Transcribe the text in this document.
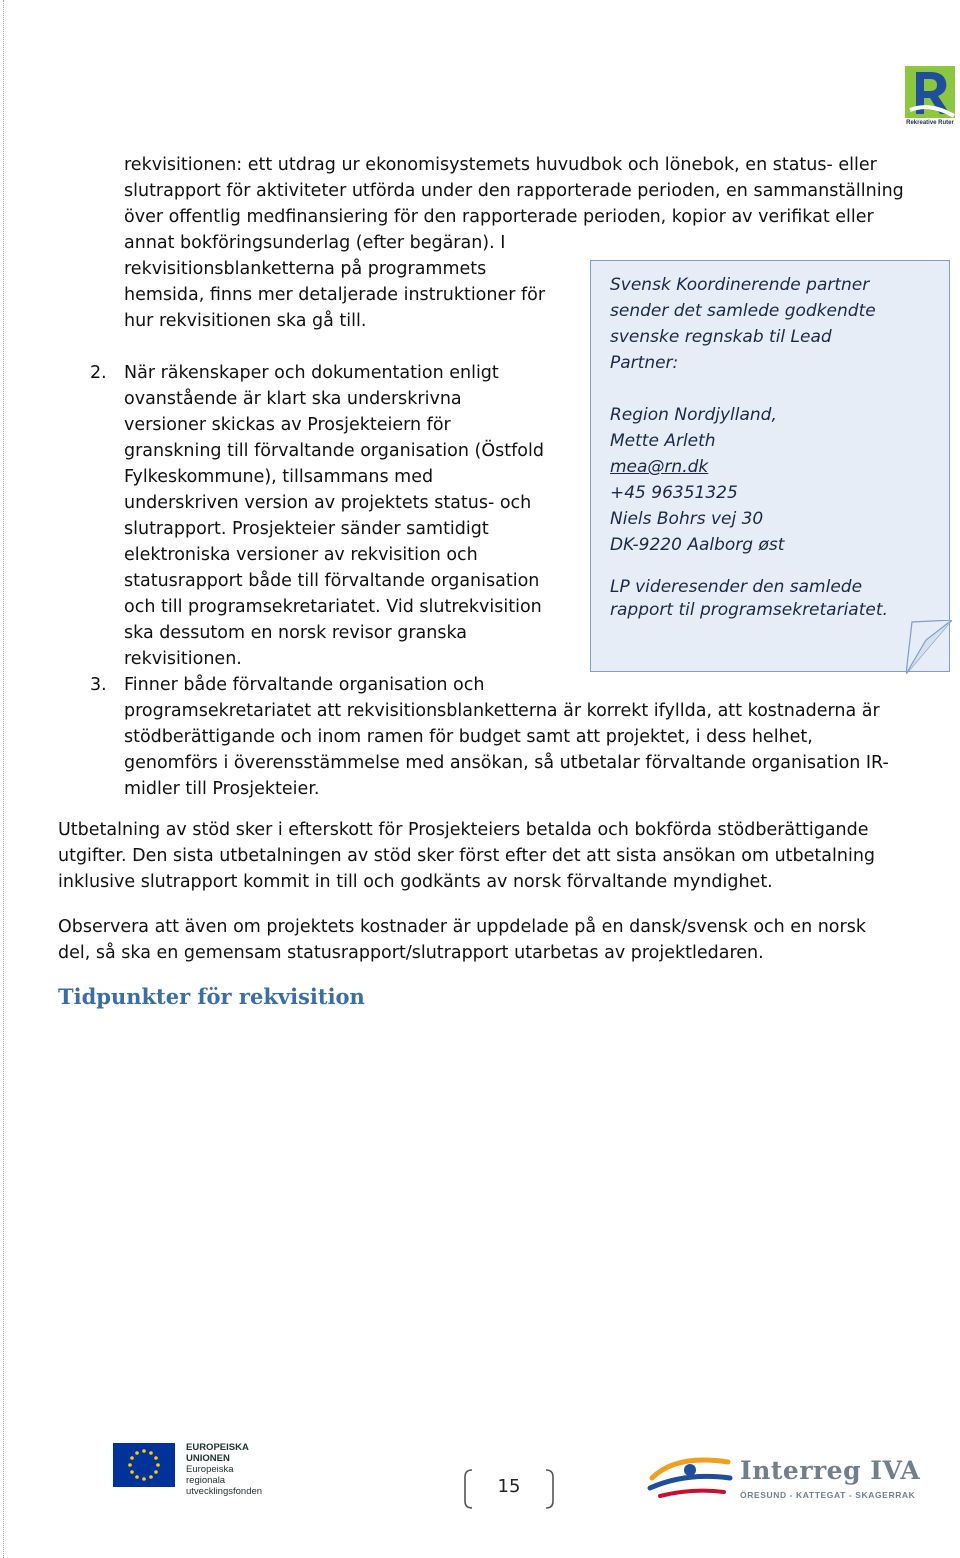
Rekreative Ruter
rekvisitionen: ett utdrag ur ekonomisystemets huvudbok och lönebok, en status- eller
slutrapport för aktiviteter utförda under den rapporterade perioden, en sammanställning
över offentlig medfinansiering för den rapporterade perioden, kopior av verifikat eller
annat bokföringsunderlag (efter begäran). I
rekvisitionsblanketterna på programmets
hemsida, finns mer detaljerade instruktioner för
hur rekvisitionen ska gå till.
2. När räkenskaper och dokumentation enligt
ovanstående är klart ska underskrivna
versioner skickas av Prosjekteiern för
granskning till förvaltande organisation (Östfold
Fylkeskommune), tillsammans med
underskriven version av projektets status- och
slutrapport. Prosjekteier sänder samtidigt
elektroniska versioner av rekvisition och
statusrapport både till förvaltande organisation
och till programsekretariatet. Vid slutrekvisition
ska dessutom en norsk revisor granska
rekvisitionen.
3. Finner både förvaltande organisation och
programsekretariatet att rekvisitionsblanketterna är korrekt ifyllda, att kostnaderna är
stödberättigande och inom ramen för budget samt att projektet, i dess helhet,
genomförs i överensstämmelse med ansökan, så utbetalar förvaltande organisation IR-
midler till Prosjekteier.

Svensk Koordinerende partner

sender det samlede godkendte

svenske regnskab til Lead

Partner:

Region Nordjylland,

Mette Arleth

mea@rn.dk

+45 96351325

Niels Bohrs vej 30

DK-9220 Aalborg øst

LP videresender den samlede

rapport til programsekretariatet.

Utbetalning av stöd sker i efterskott för Prosjekteiers betalda och bokförda stödberättigande
utgifter. Den sista utbetalningen av stöd sker först efter det att sista ansökan om utbetalning
inklusive slutrapport kommit in till och godkänts av norsk förvaltande myndighet.
Observera att även om projektets kostnader är uppdelade på en dansk/svensk och en norsk
del, så ska en gemensam statusrapport/slutrapport utarbetas av projektledaren.
Tidpunkter för rekvisition
EUROPEISKA
UNIONEN
Europeiska
regionala
utvecklingsfonden	15
Interreg IVA
ÖRESUND - KATTEGAT - SKAGERRAK
